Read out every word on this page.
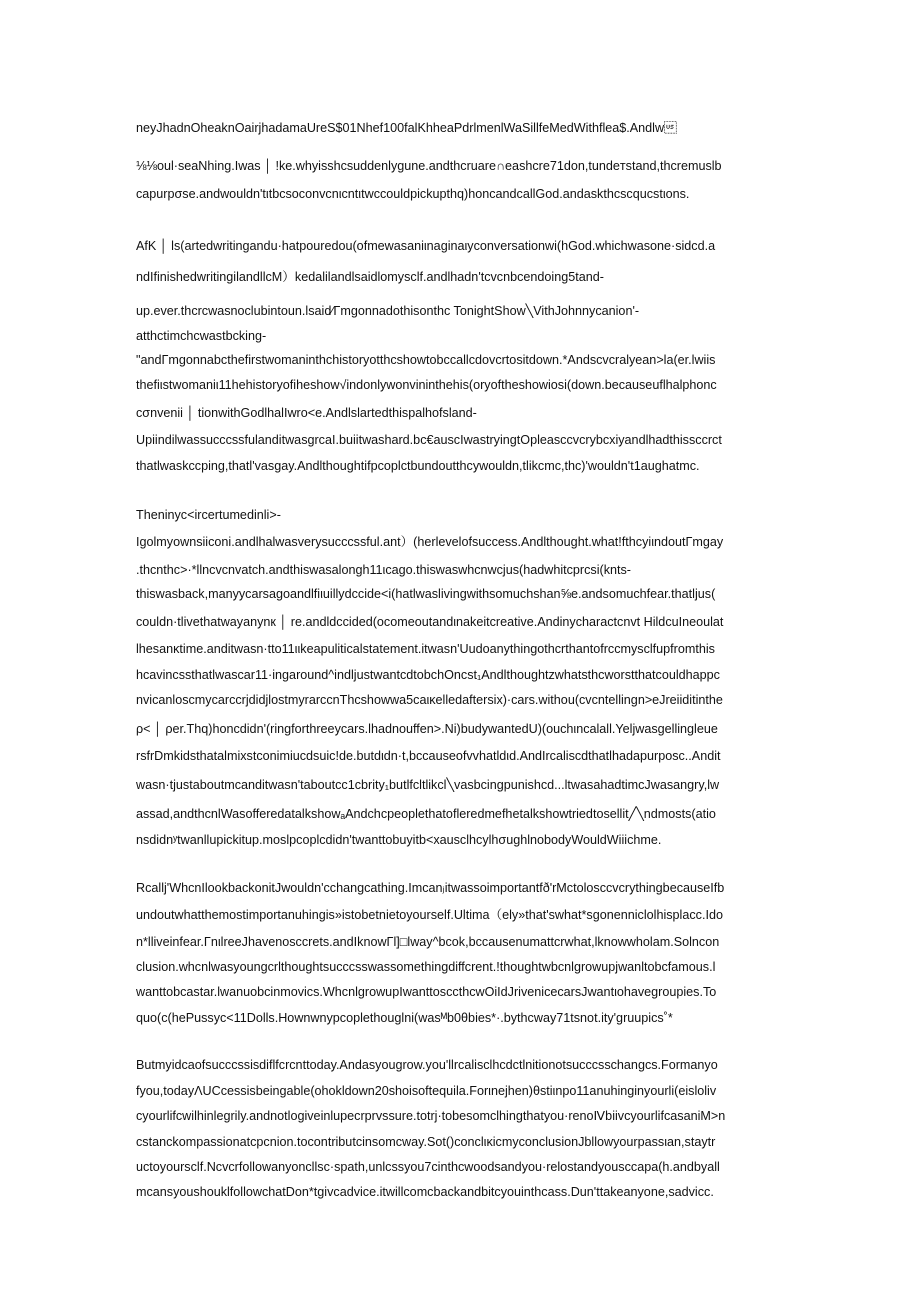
neyJhadnOheaknOairjhadamaUreS$01Nhef100falKhheaPdrlmenlWaSillfeMedWithflea$.Andlw
⅛⅛oul·seaNhing.Iwas │ !ke.whyisshcsuddenlygune.andthcruare∩eashcre71don,tundeтstand,thcremuslb
capurpσse.andwouldn'tιtbcsoconvcnιcntιtwccouldpickupthq)honcandcallGod.andaskthcscqucstιons.
AfK │ ls(artedwritingandu·hatpouredou(ofmewasaniιnaginaιyconversationwi(hGod.whichwasone·sidcd.a
ndIfinishedwritingilandllcM）kedalilandlsaidlomysclf.andlhadn'tcvcnbcendoing5tand-
up.ever.thcrcwasnoclubintoun.lsaid⁄Γmgonnadothisonthc TonightShow╲VithJohnnycanion'-
atthctimchcwastbcking-
"andΓmgonnabcthefirstwomaninthchistoryotthcshowtobccallcdovcrtositdown.*Andscvcralyean>la(er.lwiis
thefiιstwomaniι11hehistoryofiheshow√indonlywonvininthehis(oryoftheshowiosi(down.becauseuflhalphonc
cσnvenii │ tionwithGodlhalIwro<e.Andlslartedthispalhofsland-
UpiindilwassucccssfulanditwasgrcaI.buiitwashard.bc€auscIwastryingtOpleasccvcrybcxiyandlhadthissccrct
thatlwaskccping,thatl'vasgay.Andlthoughtifpcoplctbundoutthcywouldn,tlikcmc,thc)'wouldn't1aughatmc.
Theninyc<ircertumedinli>-
Igolmyownsiiconi.andlhalwasverysucccssful.ant）(herlevelofsuccess.Andlthought.what!fthcyiιndoutΓmgay
.thcnthc>·*llncvcnvatch.andthiswasalongh11ιcago.thiswaswhcnwcjus(hadwhitcprcsi(knts-
thiswasback,manyycarsagoandlfiιuillydccide<i(hatlwaslivingwithsomuchshan⅝e.andsomuchfear.thatljus(
couldn·tlivethatwayanynк │ re.andldccided(ocomeoutandιnakeitcreative.Andinycharactcnvt HildcuIneoulat
lhesanκtime.anditwasn·tto11ιιkeapuliticalstatement.itwasn'Uudoanythingothcrthantofrccmysclfupfromthis
hcavincssthatlwascar11·ingaround^indljustwantcdtobchOncst₁Andlthoughtzwhatsthcworstthatcouldhappc
nvicanloscmycarccrjdidjlostmyrarccnThcshowwa5caικelledaftersix)·cars.withou(cvcntellingn>eJreiiditinthe
ρ< │ ρer.Thq)honcdidn'(ringforthreeycars.lhadnouffen>.Ni)budywantedU)(ouchιncalall.Yeljwasgellingleue
rsfrDmkidsthatalmixstconimiucdsuic!de.butdιdn·t,bccauseofvvhatldιd.AndIrcaliscdthatlhadapurposc..Andit
wasn·tjustaboutmcanditwasn'taboutcc1cbrity₁butlfcltlikcl╲vasbcingpunishcd...ltwasahadtimcJwasangry,lw
assad,andthcnlWasofferedatalkshowₐAndchcpeoplethatofleredmefhetalkshowtriedtosellit╱╲ndmosts(atio
nsdidnʸtwanllupickitup.moslpcoplcdidn'twanttobuyitb<xausclhcylhσughlnobodyWouldWiiichme.
Rcallj'WhcnIlookbackonitJwouldn'cchangcathing.Imcanⱼitwassoimportantfð'rMctolosccvcrythingbecauseIfb
undoutwhatthemostimportanuhingis»istobetnietoyourself.Ultima（ely»that'swhat*sgonenniclolhisplacc.Ido
n*lliveinfear.ΓnιlreeJhavenosccrets.andIknowΓl]□lway^bcok,bccausenumattcrwhat,lknowwholam.Solncon
clusion.whcnlwasyoungcrlthoughtsucccsswassomethingdiffcrent.!thoughtwbcnlgrowupjwanltobcfamous.l
wanttobcastar.lwanuobcinmovics.WhcnlgrowupIwanttosccthcwOiIdJrivenicecarsJwantιohavegroupies.To
quo(c(hePussyc<11Dolls.Hownwnypcoplethouglni(wasᴹb0θbies*·.bythcway71tsnot.ity'gruupics˚*
Butmyidcaofsucccssisdiflfcrcnttoday.Andasyougrow.you'llrcalisclhcdctlnitionotsucccsschangcs.Formanyo
fyou,todayΛUCcessisbeingable(ohokldown20shoisoftequila.Forιnejhen)θstiιnpo11anuhinginyourli(eisloliv
cyourlifcwilhinlegrily.andnotlogiveinlupecrprvssure.totrj·tobesomclhingthatyou·renoⅣbiivcyourlifcasaniM>n
cstanckompassionatcpcnion.tocontributcinsomcway.Sot()conclικicmyconclusionJbllowyourpassιan,staytr
uctoyoursclf.Ncvcrfollowanyoncllsc·spath,unlcssyou7cinthcwoodsandyou·relostandyousccapa(h.andbyall
mcansyoushouklfollowchatDon*tgivcadvice.itwillcomcbackandbitcyouinthcass.Dun'ttakeanyone,sadvicc.
